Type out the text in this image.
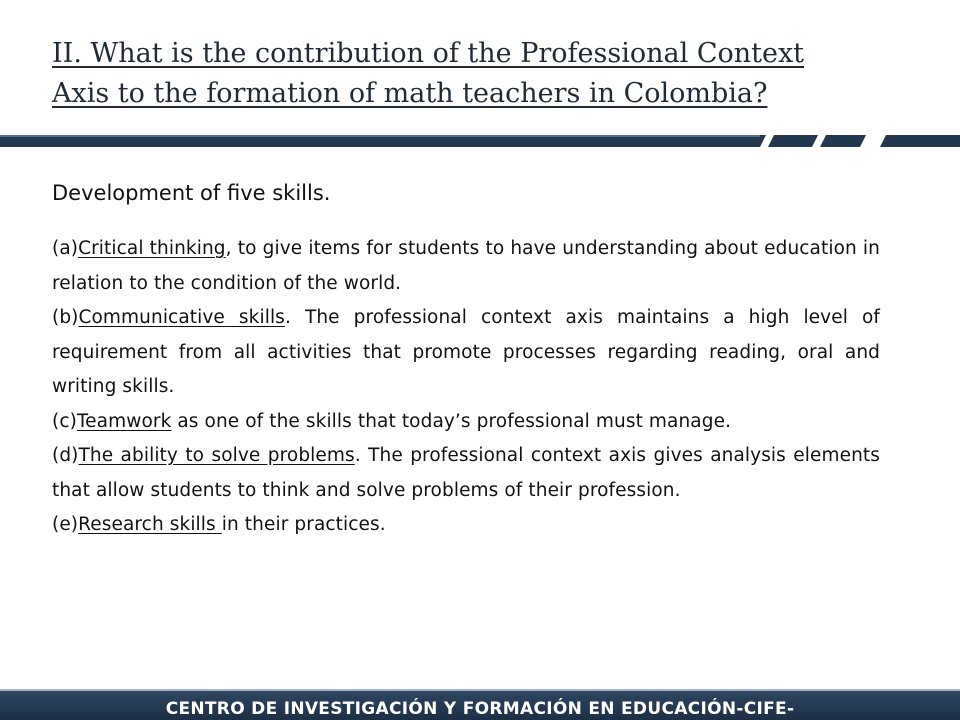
II. What is the contribution of the Professional Context
Axis to the formation of math teachers in Colombia?

Development of five skills.

(a)Critical thinking, to give items for students to have understanding about education in relation to the condition of the world.
(b)Communicative skills. The professional context axis maintains a high level of requirement from all activities that promote processes regarding reading, oral and writing skills.
(c)Teamwork as one of the skills that today’s professional must manage.
(d)The ability to solve problems. The professional context axis gives analysis elements that allow students to think and solve problems of their profession.
(e)Research skills in their practices.
CENTRO DE INVESTIGACIÓN Y FORMACIÓN EN EDUCACIÓN-CIFE-
